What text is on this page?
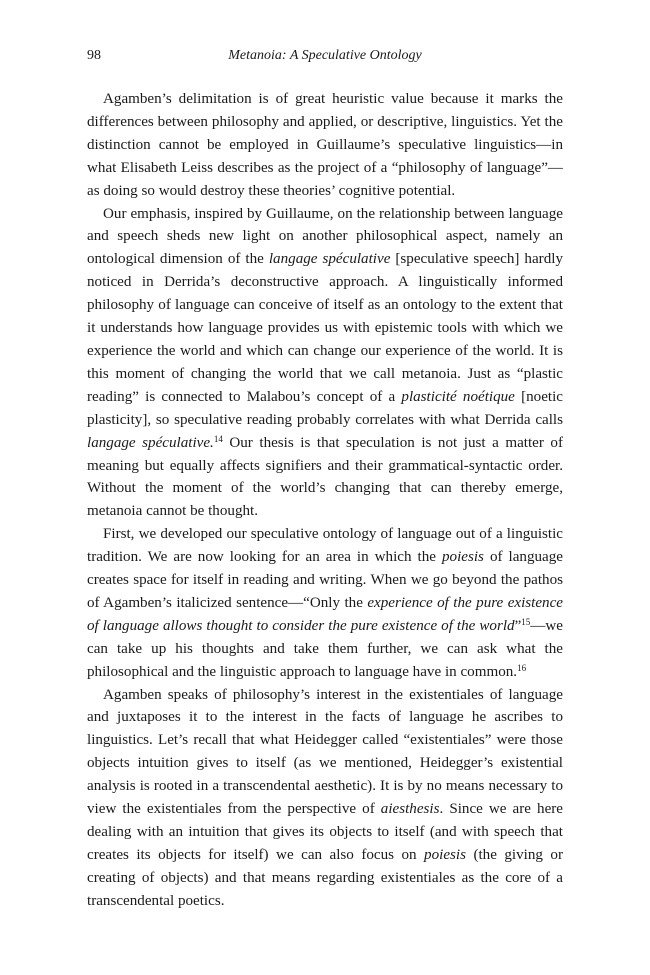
98	Metanoia: A Speculative Ontology

Agamben’s delimitation is of great heuristic value because it marks the differences between philosophy and applied, or descriptive, linguistics. Yet the distinction cannot be employed in Guillaume’s speculative linguistics—in what Elisabeth Leiss describes as the project of a “philosophy of language”—as doing so would destroy these theories’ cognitive potential.

Our emphasis, inspired by Guillaume, on the relationship between language and speech sheds new light on another philosophical aspect, namely an ontological dimension of the langage spéculative [speculative speech] hardly noticed in Derrida’s deconstructive approach. A linguistically informed philosophy of language can conceive of itself as an ontology to the extent that it understands how language provides us with epistemic tools with which we experience the world and which can change our experience of the world. It is this moment of changing the world that we call metanoia. Just as “plastic reading” is connected to Malabou’s concept of a plasticité noétique [noetic plasticity], so speculative reading probably correlates with what Derrida calls langage spéculative.$^{14}$ Our thesis is that speculation is not just a matter of meaning but equally affects signifiers and their grammatical-syntactic order. Without the moment of the world’s changing that can thereby emerge, metanoia cannot be thought.

First, we developed our speculative ontology of language out of a linguistic tradition. We are now looking for an area in which the poiesis of language creates space for itself in reading and writing. When we go beyond the pathos of Agamben’s italicized sentence—“Only the experience of the pure existence of language allows thought to consider the pure existence of the world”$^{15}$—we can take up his thoughts and take them further, we can ask what the philosophical and the linguistic approach to language have in common.$^{16}$

Agamben speaks of philosophy’s interest in the existentiales of language and juxtaposes it to the interest in the facts of language he ascribes to linguistics. Let’s recall that what Heidegger called “existentiales” were those objects intuition gives to itself (as we mentioned, Heidegger’s existential analysis is rooted in a transcendental aesthetic). It is by no means necessary to view the existentiales from the perspective of aiesthesis. Since we are here dealing with an intuition that gives its objects to itself (and with speech that creates its objects for itself) we can also focus on poiesis (the giving or creating of objects) and that means regarding existentiales as the core of a transcendental poetics.
